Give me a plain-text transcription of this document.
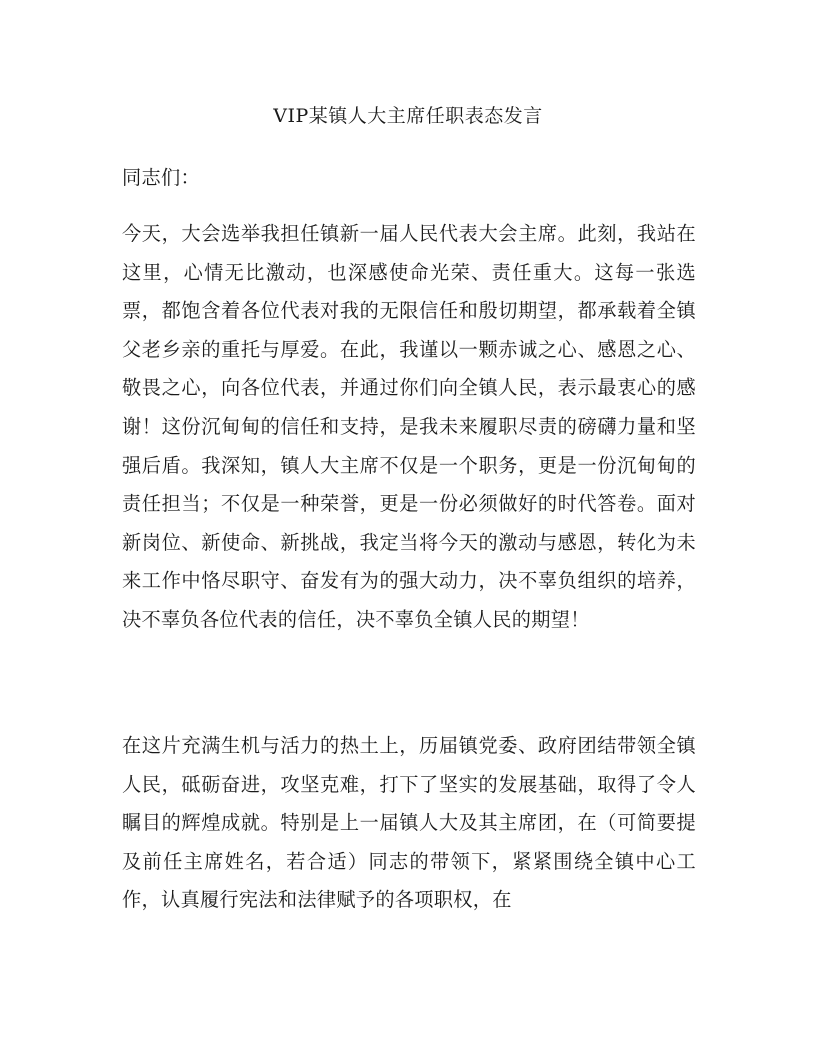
VIP某镇人大主席任职表态发言

同志们：

今天，大会选举我担任镇新一届人民代表大会主席。此刻，我站在这里，心情无比激动，也深感使命光荣、责任重大。这每一张选票，都饱含着各位代表对我的无限信任和殷切期望，都承载着全镇父老乡亲的重托与厚爱。在此，我谨以一颗赤诚之心、感恩之心、敬畏之心，向各位代表，并通过你们向全镇人民，表示最衷心的感谢！这份沉甸甸的信任和支持，是我未来履职尽责的磅礴力量和坚强后盾。我深知，镇人大主席不仅是一个职务，更是一份沉甸甸的责任担当；不仅是一种荣誉，更是一份必须做好的时代答卷。面对新岗位、新使命、新挑战，我定当将今天的激动与感恩，转化为未来工作中恪尽职守、奋发有为的强大动力，决不辜负组织的培养，决不辜负各位代表的信任，决不辜负全镇人民的期望！

在这片充满生机与活力的热土上，历届镇党委、政府团结带领全镇人民，砥砺奋进，攻坚克难，打下了坚实的发展基础，取得了令人瞩目的辉煌成就。特别是上一届镇人大及其主席团，在（可简要提及前任主席姓名，若合适）同志的带领下，紧紧围绕全镇中心工作，认真履行宪法和法律赋予的各项职权，在
